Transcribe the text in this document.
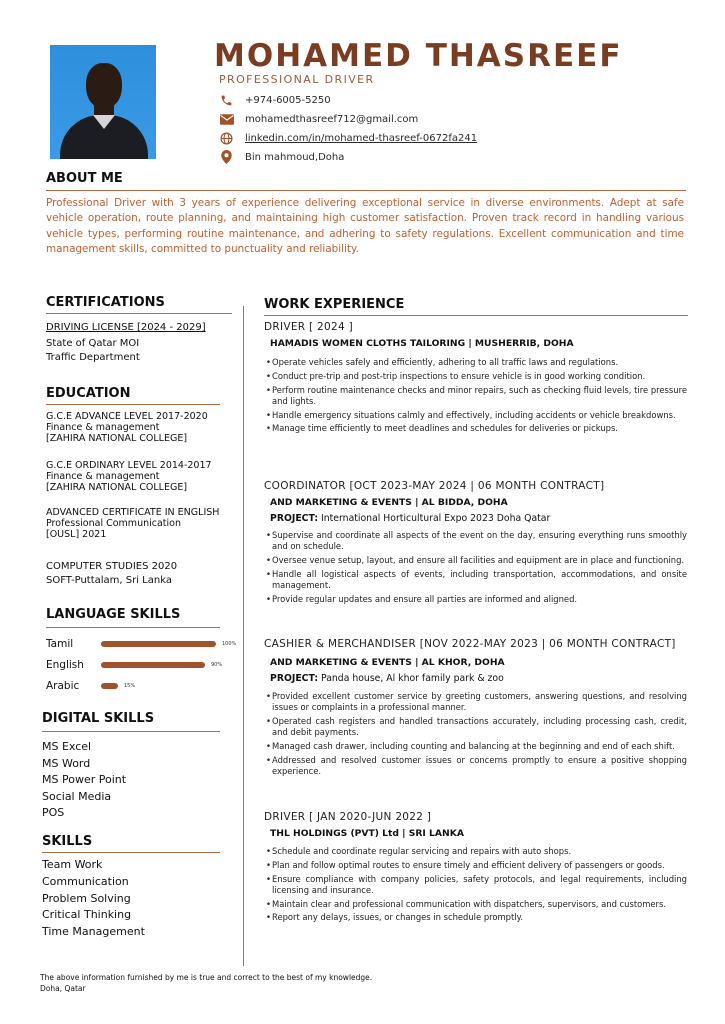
MOHAMED THASREEF
PROFESSIONAL DRIVER
+974-6005-5250
mohamedthasreef712@gmail.com
linkedin.com/in/mohamed-thasreef-0672fa241
Bin mahmoud,Doha
ABOUT ME
Professional Driver with 3 years of experience delivering exceptional service in diverse environments. Adept at safe vehicle operation, route planning, and maintaining high customer satisfaction. Proven track record in handling various vehicle types, performing routine maintenance, and adhering to safety regulations. Excellent communication and time management skills, committed to punctuality and reliability.
CERTIFICATIONS
DRIVING LICENSE [2024 - 2029]
State of Qatar MOI
Traffic Department
EDUCATION
G.C.E ADVANCE LEVEL 2017-2020
Finance & management
[ZAHIRA NATIONAL COLLEGE]
G.C.E ORDINARY LEVEL 2014-2017
Finance & management
[ZAHIRA NATIONAL COLLEGE]
ADVANCED CERTIFICATE IN ENGLISH
Professional Communication
[OUSL] 2021
COMPUTER STUDIES 2020
SOFT-Puttalam, Sri Lanka
LANGUAGE SKILLS
Tamil	100%
English	90%
Arabic	15%
DIGITAL SKILLS
MS Excel
MS Word
MS Power Point
Social Media
POS
SKILLS
Team Work
Communication
Problem Solving
Critical Thinking
Time Management
WORK EXPERIENCE
DRIVER [ 2024 ]
HAMADIS WOMEN CLOTHS TAILORING | MUSHERRIB, DOHA
• Operate vehicles safely and efficiently, adhering to all traffic laws and regulations.
• Conduct pre-trip and post-trip inspections to ensure vehicle is in good working condition.
• Perform routine maintenance checks and minor repairs, such as checking fluid levels, tire pressure and lights.
• Handle emergency situations calmly and effectively, including accidents or vehicle breakdowns.
• Manage time efficiently to meet deadlines and schedules for deliveries or pickups.
COORDINATOR [OCT 2023-MAY 2024 | 06 MONTH CONTRACT]
AND MARKETING & EVENTS | AL BIDDA, DOHA
PROJECT: International Horticultural Expo 2023 Doha Qatar
• Supervise and coordinate all aspects of the event on the day, ensuring everything runs smoothly and on schedule.
• Oversee venue setup, layout, and ensure all facilities and equipment are in place and functioning.
• Handle all logistical aspects of events, including transportation, accommodations, and onsite management.
• Provide regular updates and ensure all parties are informed and aligned.
CASHIER & MERCHANDISER [NOV 2022-MAY 2023 | 06 MONTH CONTRACT]
AND MARKETING & EVENTS | AL KHOR, DOHA
PROJECT: Panda house, Al khor family park & zoo
• Provided excellent customer service by greeting customers, answering questions, and resolving issues or complaints in a professional manner.
• Operated cash registers and handled transactions accurately, including processing cash, credit, and debit payments.
• Managed cash drawer, including counting and balancing at the beginning and end of each shift.
• Addressed and resolved customer issues or concerns promptly to ensure a positive shopping experience.
DRIVER [ JAN 2020-JUN 2022 ]
THL HOLDINGS (PVT) Ltd | SRI LANKA
• Schedule and coordinate regular servicing and repairs with auto shops.
• Plan and follow optimal routes to ensure timely and efficient delivery of passengers or goods.
• Ensure compliance with company policies, safety protocols, and legal requirements, including licensing and insurance.
• Maintain clear and professional communication with dispatchers, supervisors, and customers.
• Report any delays, issues, or changes in schedule promptly.
The above information furnished by me is true and correct to the best of my knowledge.
Doha, Qatar
